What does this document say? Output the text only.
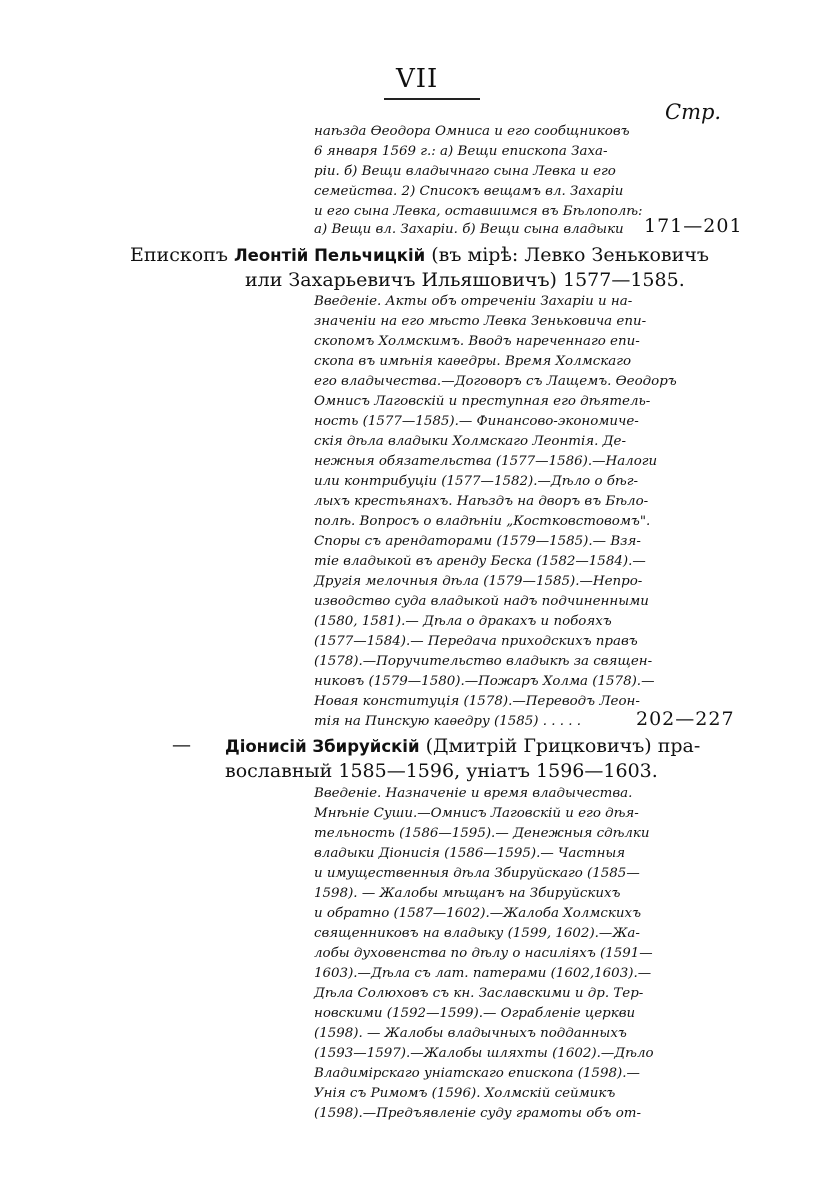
VII
Стр.
наѣзда Ѳеодора Омниса и его сообщниковъ
6 января 1569 г.: а) Вещи епископа Заха-
ріи. б) Вещи владычнаго сына Левка и его
семейства. 2) Списокъ вещамъ вл. Захаріи
и его сына Левка, оставшимся въ Бѣлополѣ:
а) Вещи вл. Захаріи. б) Вещи сына владыки 171—201
Епископъ Леонтій Пельчицкій (въ мірѣ: Левко Зеньковичъ
или Захарьевичъ Ильяшовичъ) 1577—1585.
Введеніе. Акты объ отреченіи Захаріи и на-
значеніи на его мѣсто Левка Зеньковича епи-
скопомъ Холмскимъ. Вводъ нареченнаго епи-
скопа въ имѣнія каѳедры. Время Холмскаго
его владычества.—Договоръ съ Лащемъ. Ѳеодоръ
Омнисъ Лаговскій и преступная его дѣятель-
ность (1577—1585).— Финансово-экономиче-
скія дѣла владыки Холмскаго Леонтія. Де-
нежныя обязательства (1577—1586).—Налоги
или контрибуціи (1577—1582).—Дѣло о бѣг-
лыхъ крестьянахъ. Наѣздъ на дворъ въ Бѣло-
полѣ. Вопросъ о владѣніи „Костковстовомъ".
Споры съ арендаторами (1579—1585).— Взя-
тіе владыкой въ аренду Беска (1582—1584).—
Другія мелочныя дѣла (1579—1585).—Непро-
изводство суда владыкой надъ подчиненными
(1580, 1581).— Дѣла о дракахъ и побояхъ
(1577—1584).— Передача приходскихъ правъ
(1578).—Поручительство владыкѣ за священ-
никовъ (1579—1580).—Пожаръ Холма (1578).—
Новая конституція (1578).—Переводъ Леон-
тія на Пинскую каѳедру (1585) . . . . .	202—227
— Діонисій Збируйскій (Дмитрій Грицковичъ) пра-
вославный 1585—1596, уніатъ 1596—1603.
Введеніе. Назначеніе и время владычества.
Мнѣніе Суши.—Омнисъ Лаговскій и его дѣя-
тельность (1586—1595).— Денежныя сдѣлки
владыки Діонисія (1586—1595).— Частныя
и имущественныя дѣла Збируйскаго (1585—
1598). — Жалобы мѣщанъ на Збируйскихъ
и обратно (1587—1602).—Жалоба Холмскихъ
священниковъ на владыку (1599, 1602).—Жа-
лобы духовенства по дѣлу о насиліяхъ (1591—
1603).—Дѣла съ лат. патерами (1602,1603).—
Дѣла Солюховъ съ кн. Заславскими и др. Тер-
новскими (1592—1599).— Ограбленіе церкви
(1598). — Жалобы владычныхъ подданныхъ
(1593—1597).—Жалобы шляхты (1602).—Дѣло
Владимірскаго уніатскаго епископа (1598).—
Унія съ Римомъ (1596). Холмскій сеймикъ
(1598).—Предъявленіе суду грамоты объ от-
